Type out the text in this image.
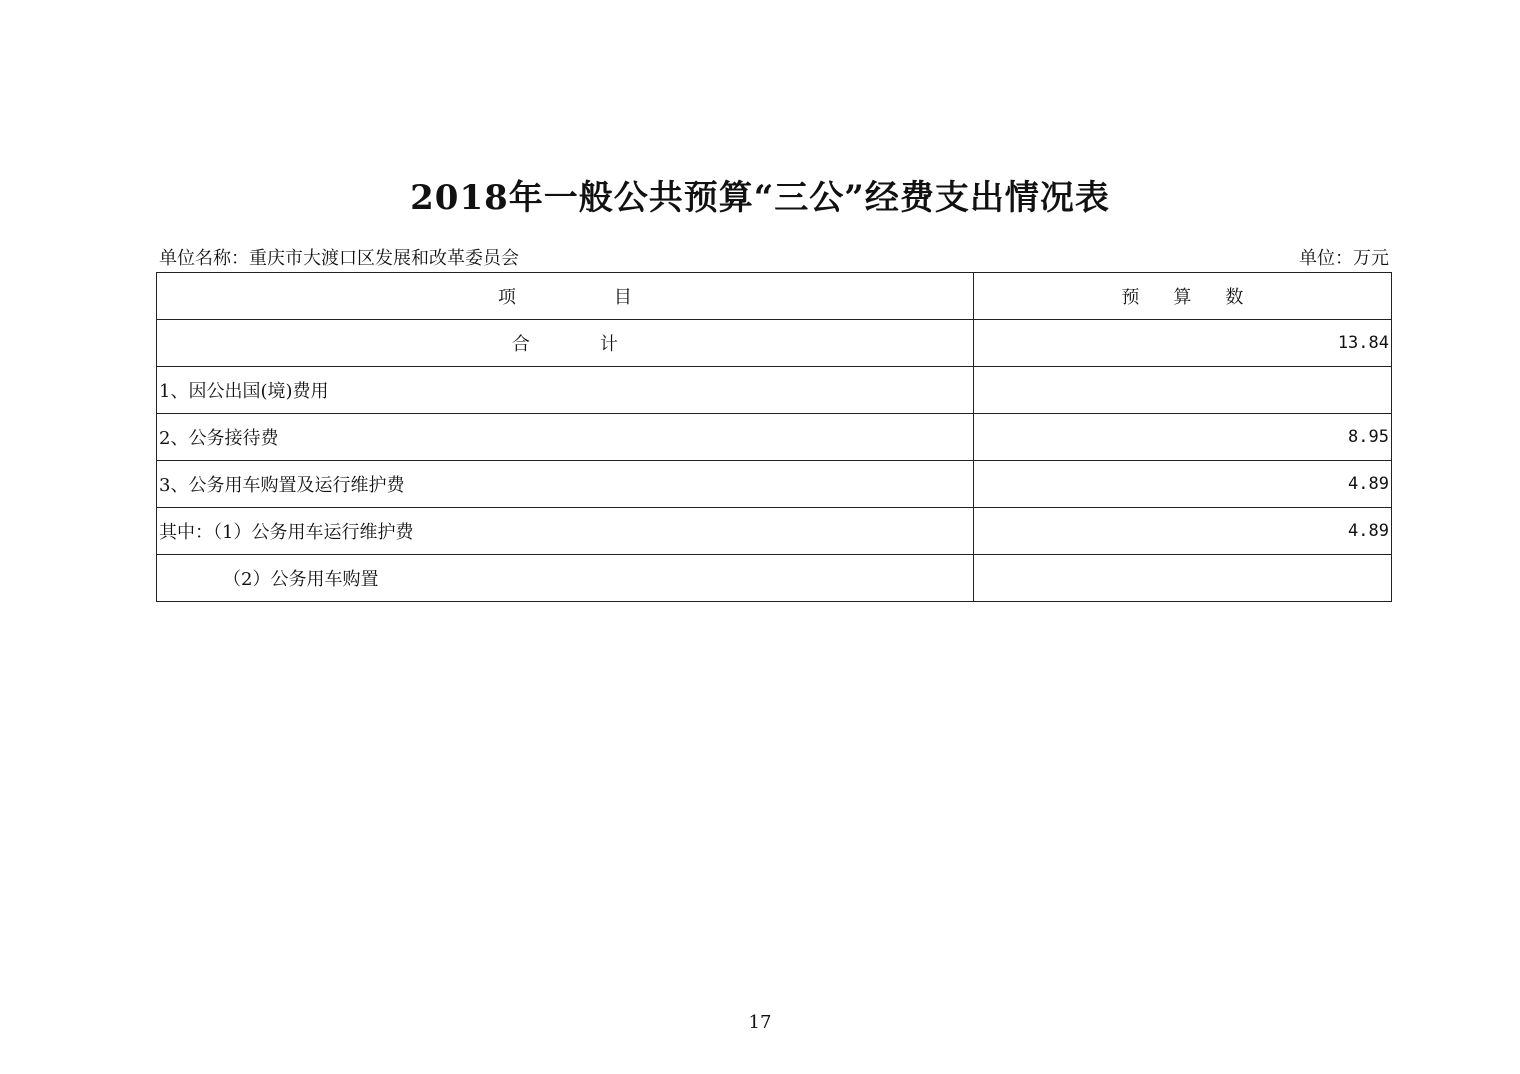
2018年一般公共预算“三公”经费支出情况表
单位名称：重庆市大渡口区发展和改革委员会	单位：万元
项 目	预 算 数
合 计	13.84
1、因公出国(境)费用	
2、公务接待费	8.95
3、公务用车购置及运行维护费	4.89
其中：（1）公务用车运行维护费	4.89
（2）公务用车购置	
17
